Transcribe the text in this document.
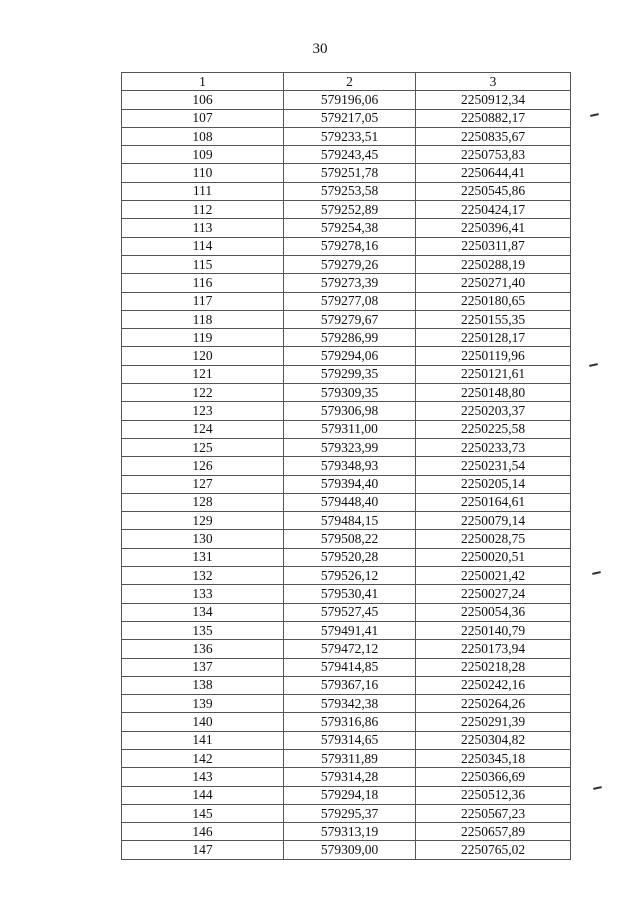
30
1	2	3
106	579196,06	2250912,34
107	579217,05	2250882,17
108	579233,51	2250835,67
109	579243,45	2250753,83
110	579251,78	2250644,41
111	579253,58	2250545,86
112	579252,89	2250424,17
113	579254,38	2250396,41
114	579278,16	2250311,87
115	579279,26	2250288,19
116	579273,39	2250271,40
117	579277,08	2250180,65
118	579279,67	2250155,35
119	579286,99	2250128,17
120	579294,06	2250119,96
121	579299,35	2250121,61
122	579309,35	2250148,80
123	579306,98	2250203,37
124	579311,00	2250225,58
125	579323,99	2250233,73
126	579348,93	2250231,54
127	579394,40	2250205,14
128	579448,40	2250164,61
129	579484,15	2250079,14
130	579508,22	2250028,75
131	579520,28	2250020,51
132	579526,12	2250021,42
133	579530,41	2250027,24
134	579527,45	2250054,36
135	579491,41	2250140,79
136	579472,12	2250173,94
137	579414,85	2250218,28
138	579367,16	2250242,16
139	579342,38	2250264,26
140	579316,86	2250291,39
141	579314,65	2250304,82
142	579311,89	2250345,18
143	579314,28	2250366,69
144	579294,18	2250512,36
145	579295,37	2250567,23
146	579313,19	2250657,89
147	579309,00	2250765,02
